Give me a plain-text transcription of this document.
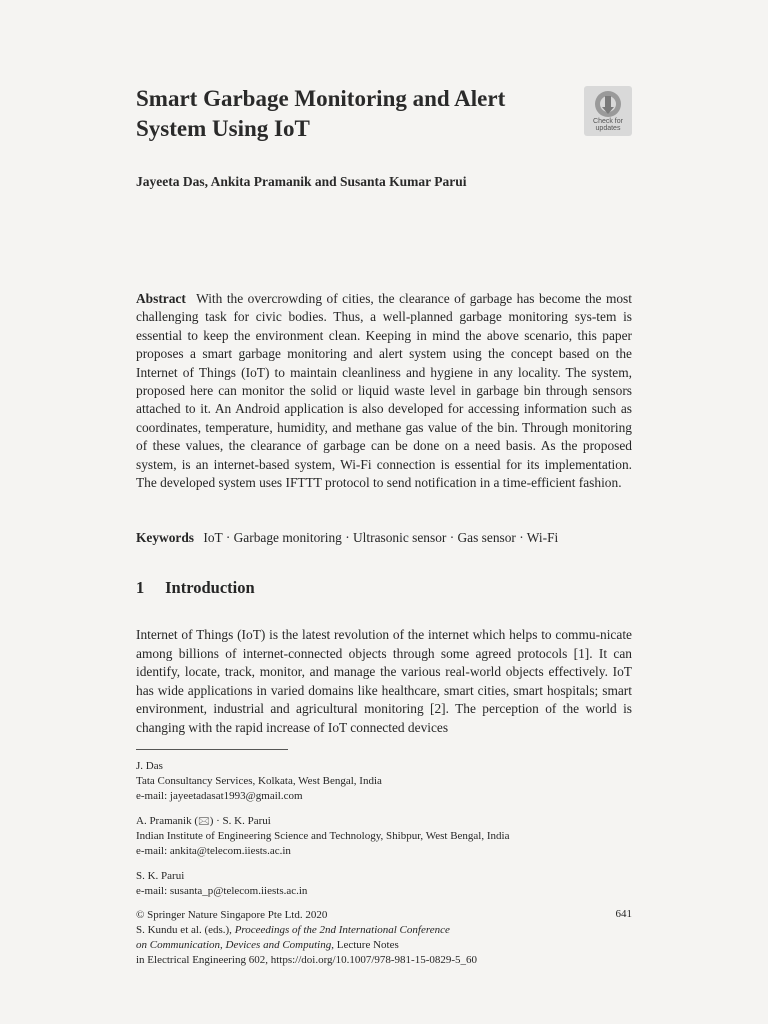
Smart Garbage Monitoring and Alert
System Using IoT	Check for
updates
Jayeeta Das, Ankita Pramanik and Susanta Kumar Parui

Abstract With the overcrowding of cities, the clearance of garbage has become the most challenging task for civic bodies. Thus, a well-planned garbage monitoring sys-tem is essential to keep the environment clean. Keeping in mind the above scenario, this paper proposes a smart garbage monitoring and alert system using the concept based on the Internet of Things (IoT) to maintain cleanliness and hygiene in any locality. The system, proposed here can monitor the solid or liquid waste level in garbage bin through sensors attached to it. An Android application is also developed for accessing information such as coordinates, temperature, humidity, and methane gas value of the bin. Through monitoring of these values, the clearance of garbage can be done on a need basis. As the proposed system, is an internet-based system, Wi-Fi connection is essential for its implementation. The developed system uses IFTTT protocol to send notification in a time-efficient fashion.

Keywords IoT · Garbage monitoring · Ultrasonic sensor · Gas sensor · Wi-Fi
1 Introduction

Internet of Things (IoT) is the latest revolution of the internet which helps to commu-nicate among billions of internet-connected objects through some agreed protocols [1]. It can identify, locate, track, monitor, and manage the various real-world objects effectively. IoT has wide applications in varied domains like healthcare, smart cities, smart hospitals; smart environment, industrial and agricultural monitoring [2]. The perception of the world is changing with the rapid increase of IoT connected devices

J. Das
Tata Consultancy Services, Kolkata, West Bengal, India
e-mail: jayeetadasat1993@gmail.com
A. Pramanik (🖂) · S. K. Parui
Indian Institute of Engineering Science and Technology, Shibpur, West Bengal, India
e-mail: ankita@telecom.iiests.ac.in
S. K. Parui
e-mail: susanta_p@telecom.iiests.ac.in
© Springer Nature Singapore Pte Ltd. 2020
S. Kundu et al. (eds.), Proceedings of the 2nd International Conference
on Communication, Devices and Computing, Lecture Notes
in Electrical Engineering 602, https://doi.org/10.1007/978-981-15-0829-5_60
641
